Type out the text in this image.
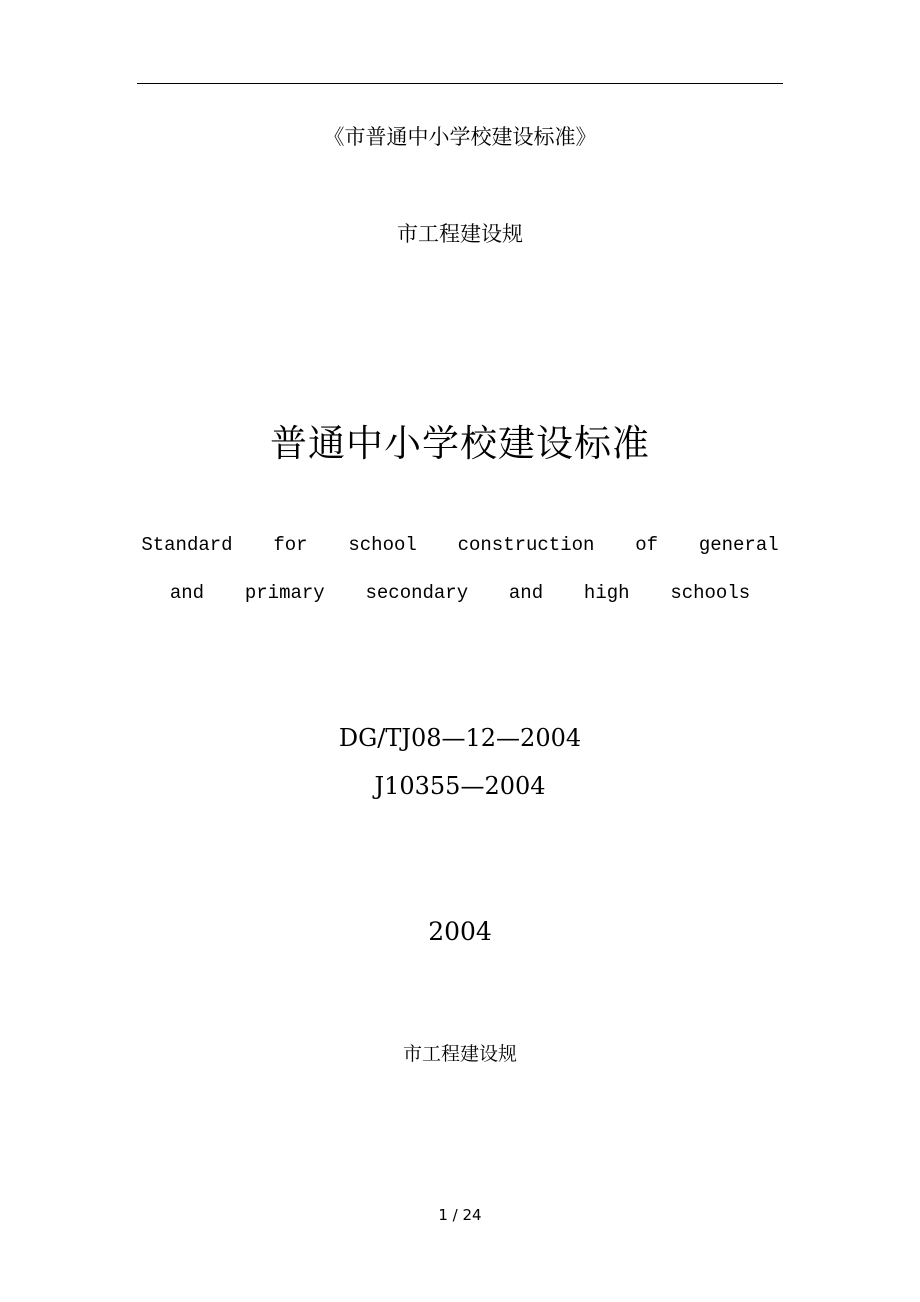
《市普通中小学校建设标准》
市工程建设规
普通中小学校建设标准
Standard  for  school  construction  of  general
and  primary  secondary  and  high  schools
DG/TJ08—12—2004
J10355—2004
2004
市工程建设规
1 / 24
